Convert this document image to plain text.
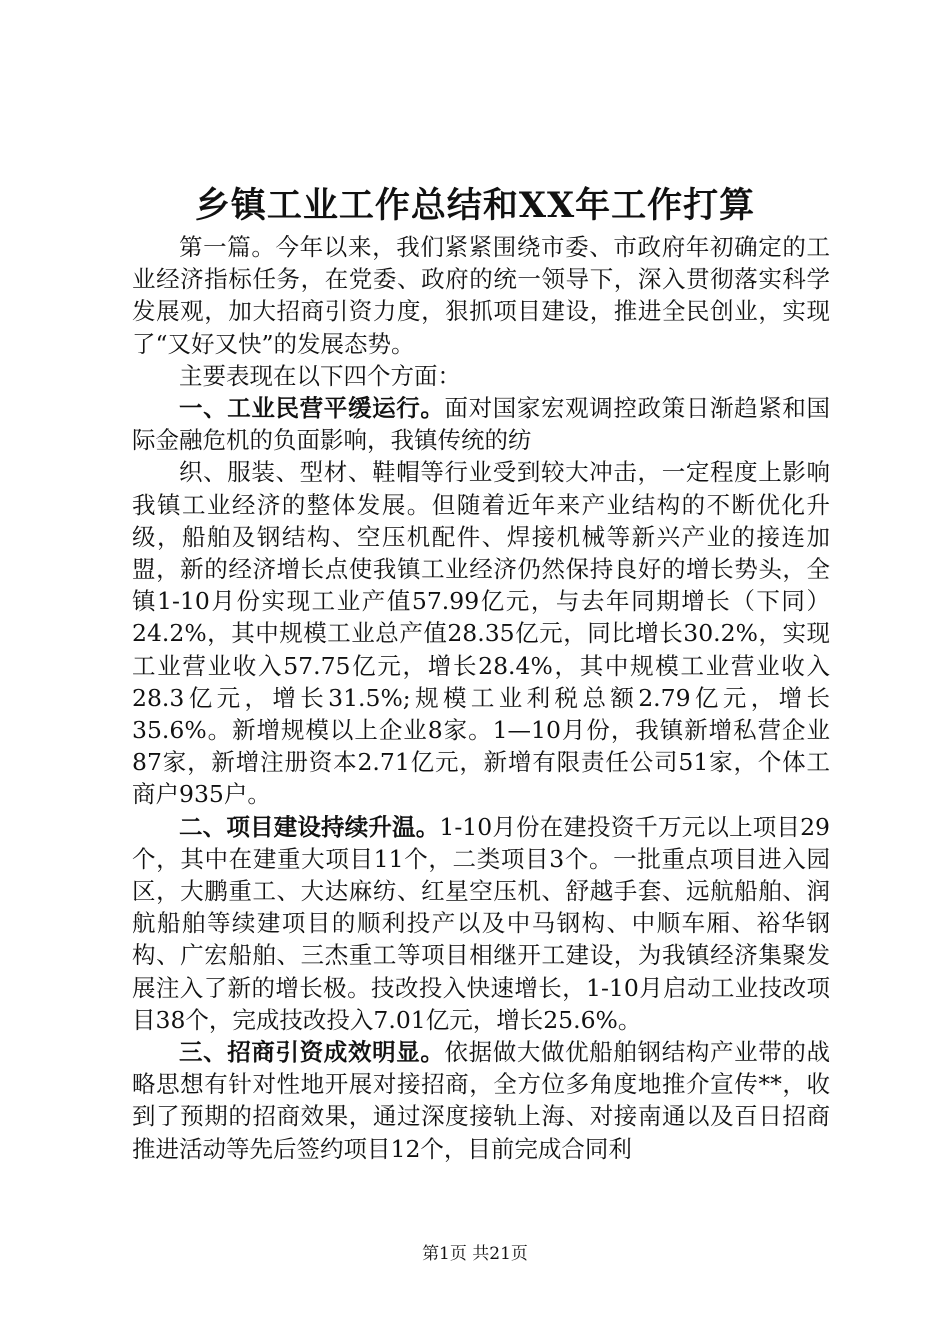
乡镇工业工作总结和XX年工作打算

第一篇。今年以来，我们紧紧围绕市委、市政府年初确定的工业经济指标任务，在党委、政府的统一领导下，深入贯彻落实科学发展观，加大招商引资力度，狠抓项目建设，推进全民创业，实现了“又好又快”的发展态势。

主要表现在以下四个方面：

一、工业民营平缓运行。面对国家宏观调控政策日渐趋紧和国际金融危机的负面影响，我镇传统的纺

织、服装、型材、鞋帽等行业受到较大冲击，一定程度上影响我镇工业经济的整体发展。但随着近年来产业结构的不断优化升级，船舶及钢结构、空压机配件、焊接机械等新兴产业的接连加盟，新的经济增长点使我镇工业经济仍然保持良好的增长势头，全镇1-10月份实现工业产值57.99亿元，与去年同期增长（下同）24.2%，其中规模工业总产值28.35亿元，同比增长30.2%，实现工业营业收入57.75亿元，增长28.4%，其中规模工业营业收入28.3亿元，增长31.5%;规模工业利税总额2.79亿元，增长35.6%。新增规模以上企业8家。1—10月份，我镇新增私营企业87家，新增注册资本2.71亿元，新增有限责任公司51家，个体工商户935户。

二、项目建设持续升温。1-10月份在建投资千万元以上项目29个，其中在建重大项目11个，二类项目3个。一批重点项目进入园区，大鹏重工、大达麻纺、红星空压机、舒越手套、远航船舶、润航船舶等续建项目的顺利投产以及中马钢构、中顺车厢、裕华钢构、广宏船舶、三杰重工等项目相继开工建设，为我镇经济集聚发展注入了新的增长极。技改投入快速增长，1-10月启动工业技改项目38个，完成技改投入7.01亿元，增长25.6%。

三、招商引资成效明显。依据做大做优船舶钢结构产业带的战略思想有针对性地开展对接招商，全方位多角度地推介宣传**，收到了预期的招商效果，通过深度接轨上海、对接南通以及百日招商推进活动等先后签约项目12个，目前完成合同利

第1页 共21页
